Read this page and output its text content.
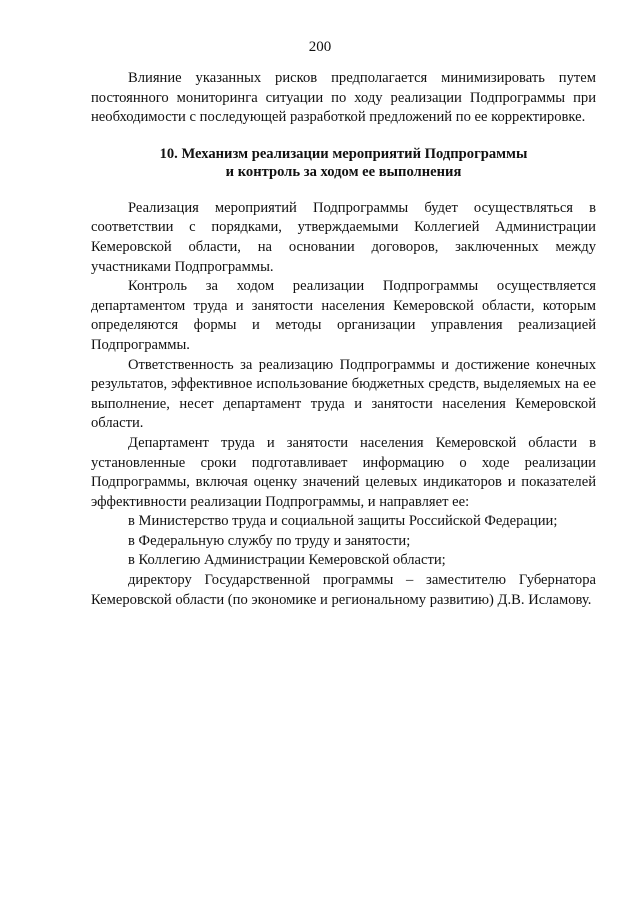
200

Влияние указанных рисков предполагается минимизировать путем постоянного мониторинга ситуации по ходу реализации Подпрограммы при необходимости с последующей разработкой предложений по ее корректировке.

10. Механизм реализации мероприятий Подпрограммы
и контроль за ходом ее выполнения

Реализация мероприятий Подпрограммы будет осуществляться в соответствии с порядками, утверждаемыми Коллегией Администрации Кемеровской области, на основании договоров, заключенных между участниками Подпрограммы.

Контроль за ходом реализации Подпрограммы осуществляется департаментом труда и занятости населения Кемеровской области, которым определяются формы и методы организации управления реализацией Подпрограммы.

Ответственность за реализацию Подпрограммы и достижение конечных результатов, эффективное использование бюджетных средств, выделяемых на ее выполнение, несет департамент труда и занятости населения Кемеровской области.

Департамент труда и занятости населения Кемеровской области в установленные сроки подготавливает информацию о ходе реализации Подпрограммы, включая оценку значений целевых индикаторов и показателей эффективности реализации Подпрограммы, и направляет ее:

в Министерство труда и социальной защиты Российской Федерации;

в Федеральную службу по труду и занятости;

в Коллегию Администрации Кемеровской области;

директору Государственной программы – заместителю Губернатора Кемеровской области (по экономике и региональному развитию) Д.В. Исламову.
